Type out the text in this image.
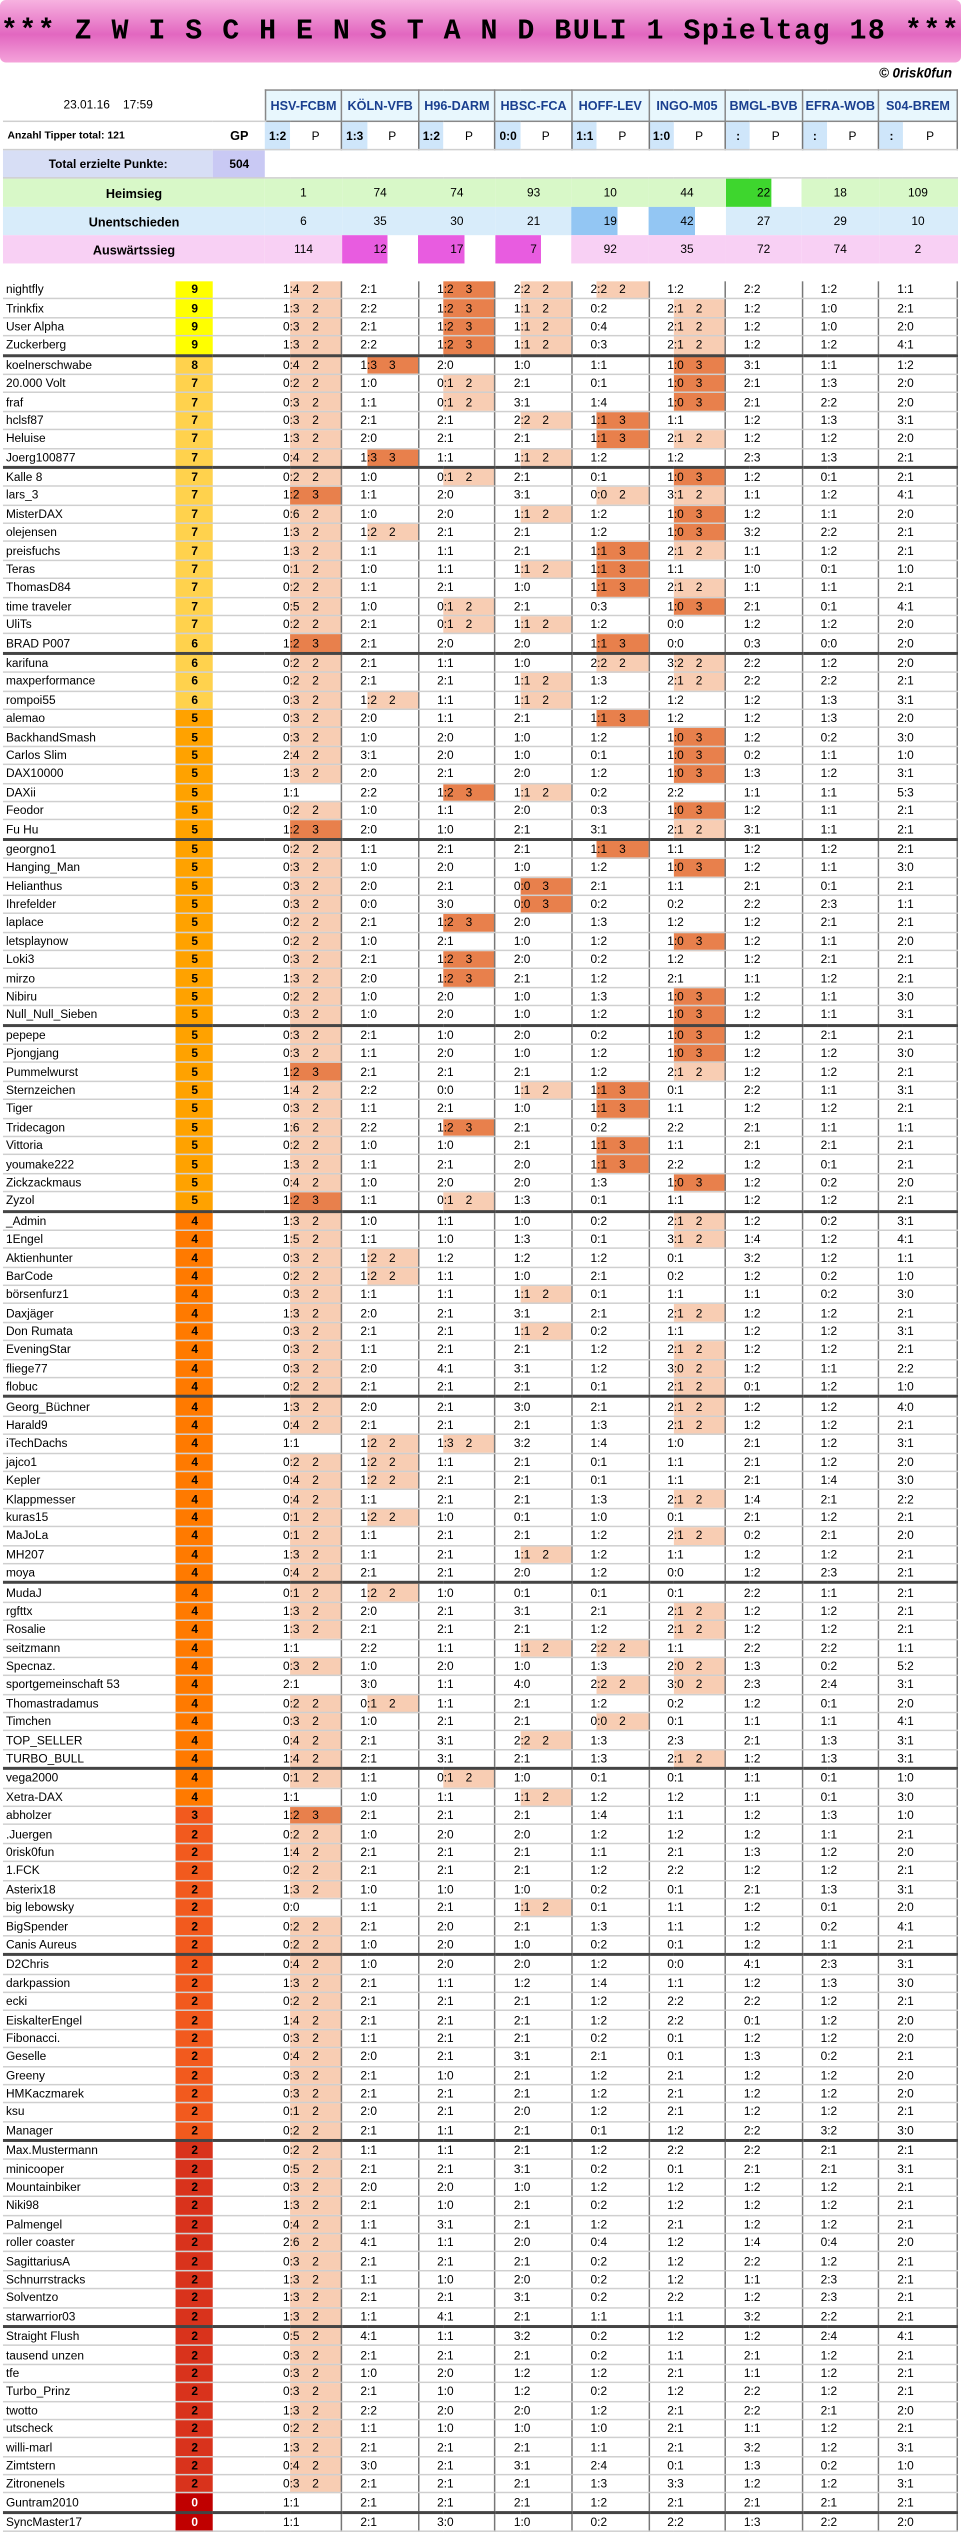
*** Z W I S C H E N S T A N D BULI 1 Spieltag 18 ***
© 0risk0fun
23.01.16 17:59			HSV-FCBM		KÖLN-VFB		H96-DARM		HBSC-FCA		HOFF-LEV		INGO-M05		BMGL-BVB		EFRA-WOB		S04-BREM	
Anzahl Tipper total: 121		GP	1:2	P	1:3	P	1:2	P	0:0	P	1:1	P	1:0	P	:	P	:	P	:	P
Total erzielte Punkte:		504																		
Heimsieg			1		74		74		93		10		44		22		18		109	
Unentschieden			6		35		30		21		19		42		27		29		10	
Auswärtssieg			114		12		17		7		92		35		72		74		2	

nightfly	9		1:4	2	2:1		1:2	3	2:2	2	2:2	2	1:2		2:2		1:2		1:1	
Trinkfix	9		1:3	2	2:2		1:2	3	1:1	2	0:2		2:1	2	1:2		1:0		2:1	
User Alpha	9		0:3	2	2:1		1:2	3	1:1	2	0:4		2:1	2	1:2		1:0		2:0	
Zuckerberg	9		1:3	2	2:2		1:2	3	1:1	2	0:3		2:1	2	1:2		1:2		4:1	
koelnerschwabe	8		0:4	2	1:3	3	2:0		1:0		1:1		1:0	3	3:1		1:1		1:2	
20.000 Volt	7		0:2	2	1:0		0:1	2	2:1		0:1		1:0	3	2:1		1:3		2:0	
fraf	7		0:3	2	1:1		0:1	2	3:1		1:4		1:0	3	2:1		2:2		2:0	
hclsf87	7		0:3	2	2:1		2:1		2:2	2	1:1	3	1:1		1:2		1:3		3:1	
Heluise	7		1:3	2	2:0		2:1		2:1		1:1	3	2:1	2	1:2		1:2		2:0	
Joerg100877	7		0:4	2	1:3	3	1:1		1:1	2	1:2		1:2		2:3		1:3		2:1	
Kalle 8	7		0:2	2	1:0		0:1	2	2:1		0:1		1:0	3	1:2		0:1		2:1	
lars_3	7		1:2	3	1:1		2:0		3:1		0:0	2	3:1	2	1:1		1:2		4:1	
MisterDAX	7		0:6	2	1:0		2:0		1:1	2	1:2		1:0	3	1:2		1:1		2:0	
olejensen	7		1:3	2	1:2	2	2:1		2:1		1:2		1:0	3	3:2		2:2		2:1	
preisfuchs	7		1:3	2	1:1		1:1		2:1		1:1	3	2:1	2	1:1		1:2		2:1	
Teras	7		0:1	2	1:0		1:1		1:1	2	1:1	3	1:1		1:0		0:1		1:0	
ThomasD84	7		0:2	2	1:1		2:1		1:0		1:1	3	2:1	2	1:1		1:1		2:1	
time traveler	7		0:5	2	1:0		0:1	2	2:1		0:3		1:0	3	2:1		0:1		4:1	
UliTs	7		0:2	2	2:1		0:1	2	1:1	2	1:2		0:0		1:2		1:2		2:0	
BRAD P007	6		1:2	3	2:1		2:0		2:0		1:1	3	0:0		0:3		0:0		2:0	
karifuna	6		0:2	2	2:1		1:1		1:0		2:2	2	3:2	2	2:2		1:2		2:0	
maxperformance	6		0:2	2	2:1		2:1		1:1	2	1:3		2:1	2	2:2		2:2		2:1	
rompoi55	6		0:3	2	1:2	2	1:1		1:1	2	1:2		1:2		1:2		1:3		3:1	
alemao	5		0:3	2	2:0		1:1		2:1		1:1	3	1:2		1:2		1:3		2:0	
BackhandSmash	5		0:3	2	1:0		2:0		1:0		1:2		1:0	3	1:2		0:2		3:0	
Carlos Slim	5		2:4	2	3:1		2:0		1:0		0:1		1:0	3	0:2		1:1		1:0	
DAX10000	5		1:3	2	2:0		2:1		2:0		1:2		1:0	3	1:3		1:2		3:1	
DAXii	5		1:1		2:2		1:2	3	1:1	2	0:2		2:2		1:1		1:1		5:3	
Feodor	5		0:2	2	1:0		1:1		2:0		0:3		1:0	3	1:2		1:1		2:1	
Fu Hu	5		1:2	3	2:0		1:0		2:1		3:1		2:1	2	3:1		1:1		2:1	
georgno1	5		0:2	2	1:1		2:1		2:1		1:1	3	1:1		1:2		1:2		2:1	
Hanging_Man	5		0:3	2	1:0		2:0		1:0		1:2		1:0	3	1:2		1:1		3:0	
Helianthus	5		0:3	2	2:0		2:1		0:0	3	2:1		1:1		2:1		0:1		2:1	
Ihrefelder	5		0:3	2	0:0		3:0		0:0	3	0:2		0:2		2:2		2:3		1:1	
laplace	5		0:2	2	2:1		1:2	3	2:0		1:3		1:2		1:2		2:1		2:1	
letsplaynow	5		0:2	2	1:0		2:1		1:0		1:2		1:0	3	1:2		1:1		2:0	
Loki3	5		0:3	2	2:1		1:2	3	2:0		0:2		1:2		1:2		2:1		2:1	
mirzo	5		1:3	2	2:0		1:2	3	2:1		1:2		2:1		1:1		1:2		2:1	
Nibiru	5		0:2	2	1:0		2:0		1:0		1:3		1:0	3	1:2		1:1		3:0	
Null_Null_Sieben	5		0:3	2	1:0		2:0		1:0		1:2		1:0	3	1:2		1:1		3:1	
pepepe	5		0:3	2	2:1		1:0		2:0		0:2		1:0	3	1:2		2:1		2:1	
Pjongjang	5		0:3	2	1:1		2:0		1:0		1:2		1:0	3	1:2		1:2		3:0	
Pummelwurst	5		1:2	3	2:1		2:1		2:1		1:2		2:1	2	1:2		1:2		2:1	
Sternzeichen	5		1:4	2	2:2		0:0		1:1	2	1:1	3	0:1		2:2		1:1		3:1	
Tiger	5		0:3	2	1:1		2:1		1:0		1:1	3	1:1		1:2		1:2		2:1	
Tridecagon	5		1:6	2	2:2		1:2	3	2:1		0:2		2:2		2:1		1:1		1:1	
Vittoria	5		0:2	2	1:0		1:0		2:1		1:1	3	1:1		2:1		2:1		2:1	
youmake222	5		1:3	2	1:1		2:1		2:0		1:1	3	2:2		1:2		0:1		2:1	
Zickzackmaus	5		0:4	2	1:0		2:0		2:0		1:3		1:0	3	1:2		0:2		2:0	
Zyzol	5		1:2	3	1:1		0:1	2	1:3		0:1		1:1		1:2		1:2		2:1	
_Admin	4		1:3	2	1:0		1:1		1:0		0:2		2:1	2	1:2		0:2		3:1	
1Engel	4		1:5	2	1:1		1:0		1:3		0:1		3:1	2	1:4		1:2		4:1	
Aktienhunter	4		0:3	2	1:2	2	1:2		1:2		1:2		0:1		3:2		1:2		1:1	
BarCode	4		0:2	2	1:2	2	1:1		1:0		2:1		0:2		1:2		0:2		1:0	
börsenfurz1	4		0:3	2	1:1		1:1		1:1	2	0:1		1:1		1:1		0:2		3:0	
Daxjäger	4		1:3	2	2:0		2:1		3:1		2:1		2:1	2	1:2		1:2		2:1	
Don Rumata	4		0:3	2	2:1		2:1		1:1	2	0:2		1:1		1:2		1:2		3:1	
EveningStar	4		0:3	2	1:1		2:1		2:1		1:2		2:1	2	1:2		1:2		2:1	
fliege77	4		0:3	2	2:0		4:1		3:1		1:2		3:0	2	1:2		1:1		2:2	
flobuc	4		0:2	2	2:1		2:1		2:1		0:1		2:1	2	0:1		1:2		1:0	
Georg_Büchner	4		1:3	2	2:0		2:1		3:0		2:1		2:1	2	1:2		1:2		4:0	
Harald9	4		0:4	2	2:1		2:1		2:1		1:3		2:1	2	1:2		1:2		2:1	
iTechDachs	4		1:1		1:2	2	1:3	2	3:2		1:4		1:0		2:1		1:2		3:1	
jajco1	4		0:2	2	1:2	2	1:1		2:1		0:1		1:1		2:1		1:2		2:0	
Kepler	4		0:4	2	1:2	2	2:1		2:1		0:1		1:1		2:1		1:4		3:0	
Klappmesser	4		0:4	2	1:1		2:1		2:1		1:3		2:1	2	1:4		2:1		2:2	
kuras15	4		0:1	2	1:2	2	1:0		0:1		1:0		0:1		2:1		1:2		2:1	
MaJoLa	4		0:1	2	1:1		2:1		2:1		1:2		2:1	2	0:2		2:1		2:0	
MH207	4		1:3	2	1:1		2:1		1:1	2	1:2		1:1		1:2		1:2		2:1	
moya	4		0:4	2	2:1		2:1		2:0		1:2		0:0		1:2		2:3		2:1	
MudaJ	4		0:1	2	1:2	2	1:0		0:1		0:1		0:1		2:2		1:1		2:1	
rgfttx	4		1:3	2	2:0		2:1		3:1		2:1		2:1	2	1:2		1:2		2:1	
Rosalie	4		1:3	2	2:1		2:1		2:1		1:2		2:1	2	1:2		1:2		2:1	
seitzmann	4		1:1		2:2		1:1		1:1	2	2:2	2	1:1		2:2		2:2		1:1	
Specnaz.	4		0:3	2	1:0		2:0		1:0		1:3		2:0	2	1:3		0:2		5:2	
sportgemeinschaft 53	4		2:1		3:0		1:1		4:0		2:2	2	3:0	2	2:3		2:4		3:1	
Thomastradamus	4		0:2	2	0:1	2	1:1		2:1		1:2		0:2		1:2		0:1		2:0	
Timchen	4		0:3	2	1:0		2:1		2:1		0:0	2	0:1		1:1		1:1		4:1	
TOP_SELLER	4		0:4	2	2:1		3:1		2:2	2	1:3		2:3		2:1		1:3		3:1	
TURBO_BULL	4		1:4	2	2:1		3:1		2:1		1:3		2:1	2	1:2		1:3		3:1	
vega2000	4		0:1	2	1:1		0:1	2	1:0		0:1		0:1		1:1		0:1		1:0	
Xetra-DAX	4		1:1		1:0		1:1		1:1	2	1:2		1:2		1:1		0:1		3:0	
abholzer	3		1:2	3	2:1		2:1		2:1		1:4		1:1		1:2		1:3		1:0	
.Juergen	2		0:2	2	1:0		2:0		2:0		1:2		1:2		1:2		1:1		2:1	
0risk0fun	2		1:4	2	2:1		2:1		2:1		1:1		2:1		1:3		1:2		2:0	
1.FCK	2		0:2	2	2:1		2:1		2:1		1:2		2:2		1:2		1:2		2:1	
Asterix18	2		1:3	2	1:0		1:0		1:0		0:2		0:1		2:1		1:3		3:1	
big lebowsky	2		0:0		1:1		2:1		1:1	2	0:1		1:1		1:2		0:1		2:0	
BigSpender	2		0:2	2	2:1		2:0		2:1		1:3		1:1		1:2		0:2		4:1	
Canis Aureus	2		0:2	2	1:0		2:0		1:0		0:2		0:1		1:2		1:1		2:1	
D2Chris	2		0:4	2	1:0		2:0		2:0		1:2		0:0		4:1		2:3		3:1	
darkpassion	2		1:3	2	2:1		1:1		1:2		1:4		1:1		1:2		1:3		3:0	
ecki	2		0:2	2	2:1		2:1		2:1		1:2		2:2		2:2		1:2		2:1	
EiskalterEngel	2		1:4	2	2:1		2:1		2:1		1:2		2:2		0:1		1:2		2:0	
Fibonacci.	2		0:3	2	1:1		2:1		2:1		0:2		0:1		1:2		1:2		2:0	
Geselle	2		0:4	2	2:0		2:1		3:1		2:1		0:1		1:3		0:2		2:1	
Greeny	2		0:3	2	2:1		1:0		2:1		1:2		2:1		1:2		1:2		2:0	
HMKaczmarek	2		0:3	2	2:1		2:1		2:1		1:2		2:1		1:2		1:2		2:0	
ksu	2		0:1	2	2:0		2:1		2:0		1:2		2:1		1:2		1:2		2:1	
Manager	2		0:2	2	2:1		1:1		2:1		0:1		1:2		2:2		3:2		3:0	
Max.Mustermann	2		0:2	2	1:1		1:1		2:1		1:2		2:2		2:2		2:1		2:1	
minicooper	2		0:5	2	2:1		2:1		3:1		0:2		0:1		2:1		2:1		3:1	
Mountainbiker	2		0:3	2	2:0		2:0		1:0		1:2		1:2		1:2		1:2		2:1	
Niki98	2		1:3	2	2:1		1:0		2:1		0:2		1:2		1:2		1:2		2:1	
Palmengel	2		0:4	2	1:1		3:1		2:1		1:2		2:1		1:2		1:2		2:1	
roller coaster	2		2:6	2	4:1		1:1		2:0		0:4		1:2		1:4		0:4		2:0	
SagittariusA	2		0:3	2	2:1		2:1		2:1		0:2		1:2		2:2		1:2		2:1	
Schnurrstracks	2		1:3	2	1:1		1:0		2:0		0:2		1:2		1:1		2:3		2:1	
Solventzo	2		1:3	2	2:1		2:1		3:1		0:2		2:2		1:2		2:3		2:1	
starwarrior03	2		1:3	2	1:1		4:1		2:1		1:1		1:1		3:2		2:2		2:1	
Straight Flush	2		0:5	2	4:1		1:1		3:2		0:2		1:2		1:2		2:4		4:1	
tausend unzen	2		0:3	2	2:1		2:1		2:1		0:2		1:1		2:1		1:2		2:1	
tfe	2		0:3	2	1:0		2:0		1:2		1:2		2:1		1:1		1:2		2:1	
Turbo_Prinz	2		0:3	2	2:1		1:0		1:2		0:2		1:2		2:2		1:2		2:1	
twotto	2		1:3	2	2:2		2:0		2:0		1:2		2:1		2:2		2:1		2:0	
utscheck	2		0:2	2	1:1		1:0		1:0		1:0		2:1		1:1		1:2		2:1	
willi-marl	2		1:3	2	2:1		2:1		2:1		1:1		2:1		3:2		1:2		3:1	
Zimtstern	2		0:4	2	3:0		2:1		3:1		2:4		0:1		1:3		0:2		1:0	
Zitronenels	2		0:3	2	2:1		2:1		2:1		1:3		3:3		1:2		1:2		3:1	
Guntram2010	0		1:1		2:1		2:1		2:1		1:2		2:1		2:1		2:1		2:1	
SyncMaster17	0		1:1		2:1		3:0		1:0		0:2		2:2		1:3		2:2		2:0	
